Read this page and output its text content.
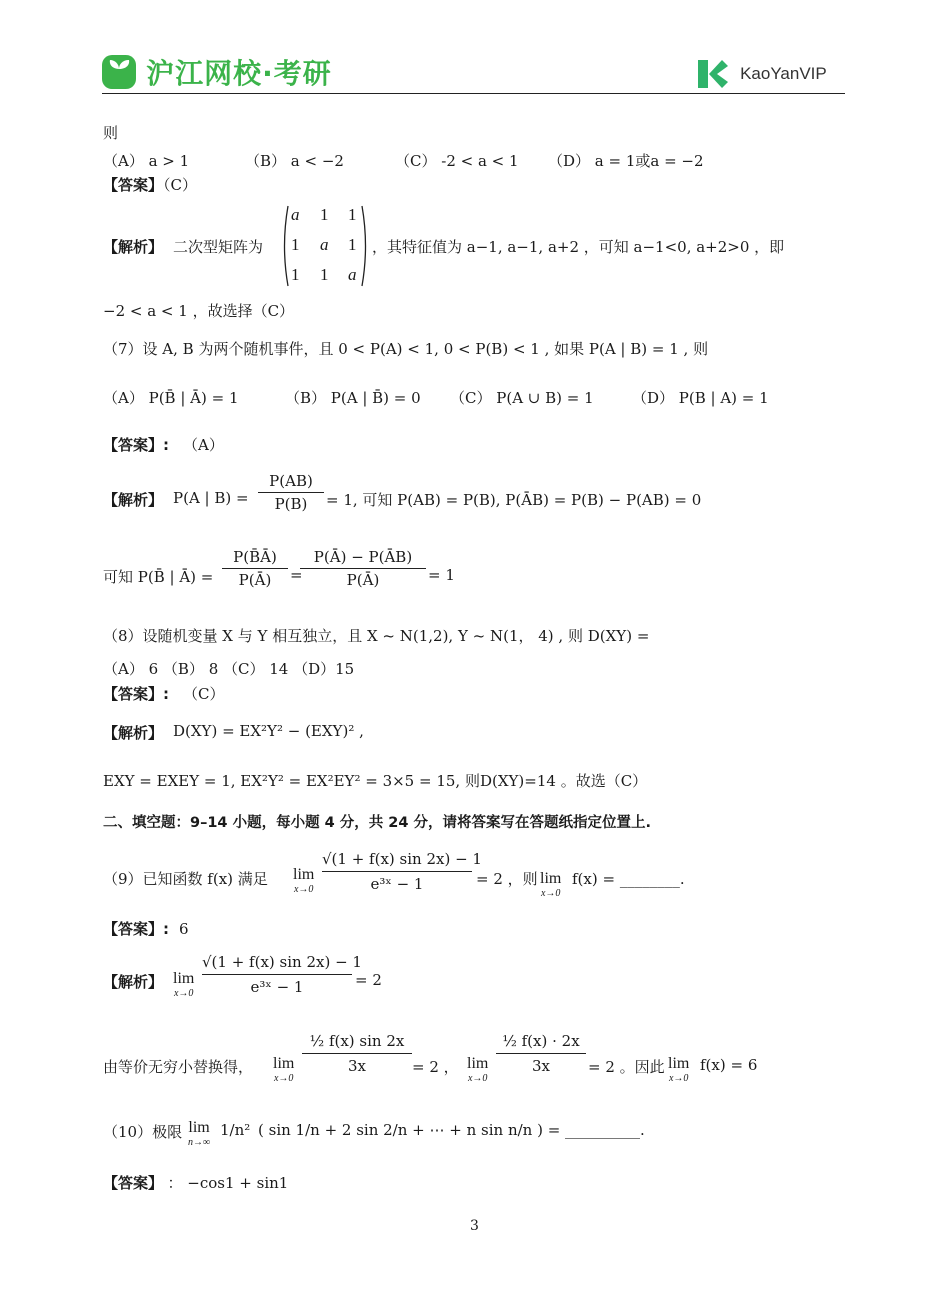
沪江网校·考研	KaoYanVIP
则
（A） a > 1	（B） a < −2	（C） -2 < a < 1 （D） a = 1或a = −2
【答案】（C）
【解析】 二次型矩阵为
a 1 1
1 a 1
1 1 a
，其特征值为 a−1, a−1, a+2 ，可知 a−1<0, a+2>0 ，即
−2 < a < 1 ，故选择（C）
（7）设 A, B 为两个随机事件，且 0 < P(A) < 1, 0 < P(B) < 1 , 如果 P(A | B) = 1 , 则
（A） P(B̄ | Ā) = 1	（B） P(A | B̄) = 0 （C） P(A ∪ B) = 1	（D） P(B | A) = 1
【答案】: （A）
【解析】 P(A | B) =
P(AB)
P(B)	= 1, 可知 P(AB) = P(B), P(ĀB) = P(B) − P(AB) = 0
可知 P(B̄ | Ā) =
P(B̄Ā)
P(Ā)	=
P(Ā) − P(ĀB)
P(Ā)	= 1
（8）设随机变量 X 与 Y 相互独立，且 X ~ N(1,2), Y ~ N(1， 4) , 则 D(XY) =
（A） 6 （B） 8 （C） 14 （D）15
【答案】: （C）
【解析】 D(XY) = EX²Y² − (EXY)² ,
EXY = EXEY = 1, EX²Y² = EX²EY² = 3×5 = 15, 则D(XY)=14 。故选（C）
二、填空题：9–14 小题，每小题 4 分，共 24 分，请将答案写在答题纸指定位置上.
（9）已知函数 f(x) 满足 lim
x→0
√(1 + f(x) sin 2x) − 1
e³ˣ − 1	= 2 ，则 lim
x→0
f(x) = ________.
【答案】: 6
【解析】 lim
x→0
√(1 + f(x) sin 2x) − 1
e³ˣ − 1	= 2
由等价无穷小替换得， lim
x→0
½ f(x) sin 2x
3x	= 2 ， lim
x→0
½ f(x) · 2x
3x	= 2 。因此 lim
x→0
f(x) = 6
（10）极限 lim
n→∞
1/n² ( sin 1/n + 2 sin 2/n + ⋯ + n sin n/n ) = __________.
【答案】 ： −cos1 + sin1
3
